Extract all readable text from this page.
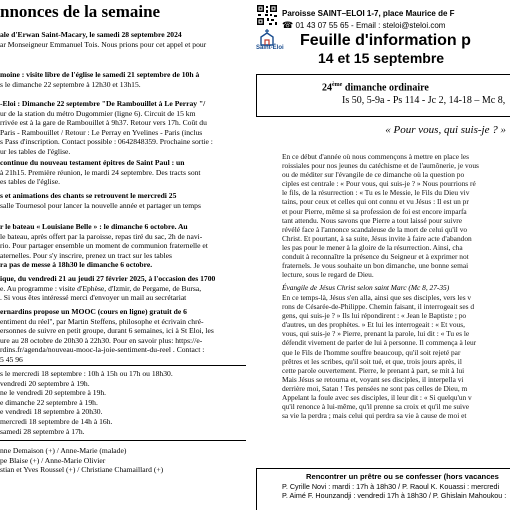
nnonces de la semaine
ale d'Erwan Saint-Macary, le samedi 28 septembre 2024
ar Monseigneur Emmanuel Tois. Nous prions pour cet appel et pour
moine : visite libre de l'église le samedi 21 septembre de 10h à
s le dimanche 22 septembre à 12h30 et 13h15.
-Eloi : Dimanche 22 septembre "De Rambouillet à Le Perray "/
ur de la station du métro Dugommier (ligne 6). Circuit de 15 km
rrivée est à la gare de Rambouillet à 9h37. Retour vers 17h. Coût du
Paris - Rambouillet / Retour : Le Perray en Yvelines - Paris (inclus
s Pass d'inscription. Contact possible : 0642848359. Prochaine sortie :
ur les tables de l'église.
continue du nouveau testament épitres de Saint Paul : un
à 21h15. Première réunion, le mardi 24 septembre. Des tracts sont
es tables de l'église.
s et animations des chants se retrouvent le mercredi 25
salle Tournesol pour lancer la nouvelle année et partager un temps
r le bateau « Louisiane Belle » : le dimanche 6 octobre. Au
le bateau, après offert par la paroisse, repas tiré du sac, 2h de navi-
rio. Pour partager ensemble un moment de communion fraternelle et
aternelles. Pour s'y inscrire, prenez un tract sur les tables
ra pas de messe à 18h30 le dimanche 6 octobre.
ique, du vendredi 21 au jeudi 27 février 2025, à l'occasion des 1700
e. Au programme : visite d'Ephèse, d'Izmir, de Pergame, de Bursa,
. Si vous êtes intéressé merci d'envoyer un mail au secrétariat
ernardins propose un MOOC (cours en ligne) gratuit de 6
entiment du réel", par Martin Steffens, philosophe et écrivain chré-
ersonnes de suivre en petit groupe, durant 6 semaines, ici à St Eloi, les
ure au 28 octobre de 20h30 à 22h30. Pour en savoir plus: https://e-
rdins.fr/agenda/nouveau-mooc-la-joie-sentiment-du-reel . Contact :
5 45 96
s le mercredi 18 septembre : 10h à 15h ou 17h ou 18h30.
vendredi 20 septembre à 19h.
ne le vendredi 20 septembre à 19h.
e dimanche 22 septembre à 19h.
e vendredi 18 septembre à 20h30.
mercredi 18 septembre de 14h à 16h.
samedi 28 septembre à 17h.
nne Demaison (+) / Anne-Marie (malade)
pe Blaise (+) / Anne-Marie Olivier
stian et Yves Roussel (+) / Christiane Chamaillard (+)
Saint-Éloi
Paroisse SAINT–ELOI 1-7, place Maurice de F
☎ 01 43 07 55 65 - Email : steloi@steloi.com
Feuille d'information p
14 et 15 septembre
24ème dimanche ordinaire
Is 50, 5-9a - Ps 114 - Jc 2, 14-18 – Mc 8,
« Pour vous, qui suis-je ? »
En ce début d'année où nous commençons à mettre en place les
roissiales pour nos jeunes du catéchisme et de l'aumônerie, je vous
ou de méditer sur l'évangile de ce dimanche où la question po
ciples est centrale : « Pour vous, qui suis-je ? » Nous pourrions ré
le fils, de la résurrection : « Tu es le Messie, le Fils du Dieu viv
tains, pour ceux et celles qui ont connu et vu Jésus : Il est un pr
et pour Pierre, même si sa profession de foi est encore imparfa
tant attendu. Nous savons que Pierre a tout laissé pour suivre
révélé face à l'annonce scandaleuse de la mort de celui qu'il vo
Christ. Et pourtant, à sa suite, Jésus invite à faire acte d'abandon
les pas pour le mener à la gloire de la résurrection. Ainsi, cha
conduit à reconnaître la présence du Seigneur et à exprimer not
fraternels. Je vous souhaite un bon dimanche, une bonne semai
lecture, sous le regard de Dieu.
Évangile de Jésus Christ selon saint Marc (Mc 8, 27-35)
En ce temps-là, Jésus s'en alla, ainsi que ses disciples, vers les v
rons de Césarée-de-Philippe. Chemin faisant, il interrogeait ses d
gens, qui suis-je ? » Ils lui répondirent : « Jean le Baptiste ; po
d'autres, un des prophètes. » Et lui les interrogeait : « Et vous,
vous, qui suis-je ? » Pierre, prenant la parole, lui dit : « Tu es le
défendit vivement de parler de lui à personne. Il commença à leur
que le Fils de l'homme souffre beaucoup, qu'il soit rejeté par
prêtres et les scribes, qu'il soit tué, et que, trois jours après, il
cette parole ouvertement. Pierre, le prenant à part, se mit à lui
Mais Jésus se retourna et, voyant ses disciples, il interpella vi
derrière moi, Satan ! Tes pensées ne sont pas celles de Dieu, m
Appelant la foule avec ses disciples, il leur dit : « Si quelqu'un v
qu'il renonce à lui-même, qu'il prenne sa croix et qu'il me suive
sa vie la perdra ; mais celui qui perdra sa vie à cause de moi et
Rencontrer un prêtre ou se confesser (hors vacances
P. Cyrille Novi : mardi : 17h à 18h30 / P. Raoul K. Kouassi : mercredi
P. Aimé F. Hounzandji : vendredi 17h à 18h30 / P. Ghislain Mahoukou :
